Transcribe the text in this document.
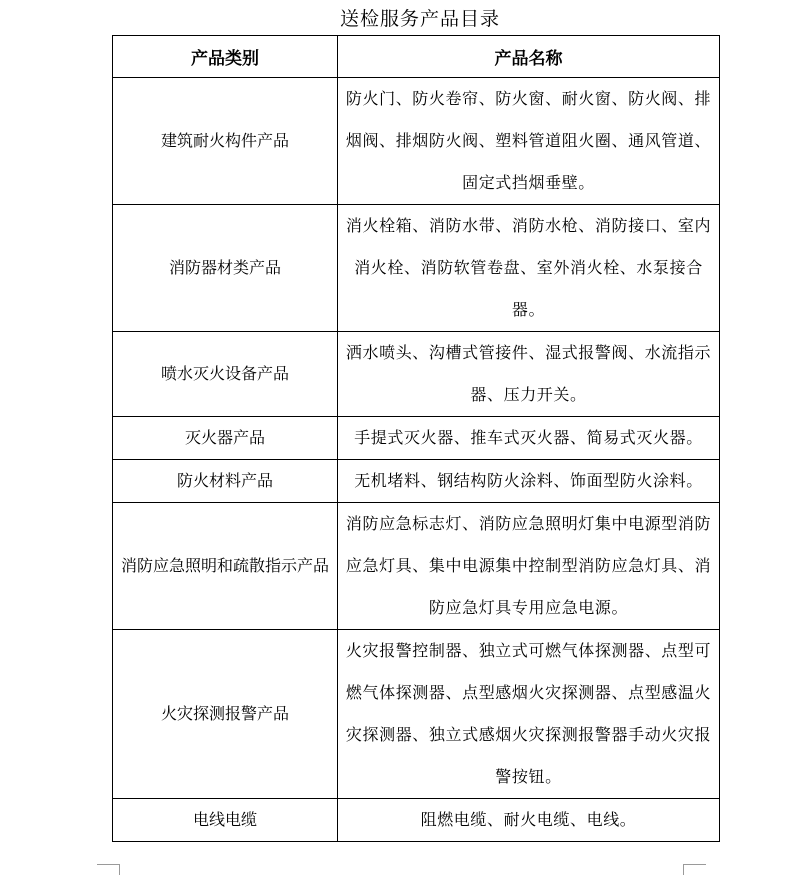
送检服务产品目录
产品类别	产品名称
建筑耐火构件产品	防火门、防火卷帘、防火窗、耐火窗、防火阀、排烟阀、排烟防火阀、塑料管道阻火圈、通风管道、固定式挡烟垂壁。
消防器材类产品	消火栓箱、消防水带、消防水枪、消防接口、室内消火栓、消防软管卷盘、室外消火栓、水泵接合器。
喷水灭火设备产品	洒水喷头、沟槽式管接件、湿式报警阀、水流指示器、压力开关。
灭火器产品	手提式灭火器、推车式灭火器、简易式灭火器。
防火材料产品	无机堵料、钢结构防火涂料、饰面型防火涂料。
消防应急照明和疏散指示产品	消防应急标志灯、消防应急照明灯集中电源型消防应急灯具、集中电源集中控制型消防应急灯具、消防应急灯具专用应急电源。
火灾探测报警产品	火灾报警控制器、独立式可燃气体探测器、点型可燃气体探测器、点型感烟火灾探测器、点型感温火灾探测器、独立式感烟火灾探测报警器手动火灾报警按钮。
电线电缆	阻燃电缆、耐火电缆、电线。
